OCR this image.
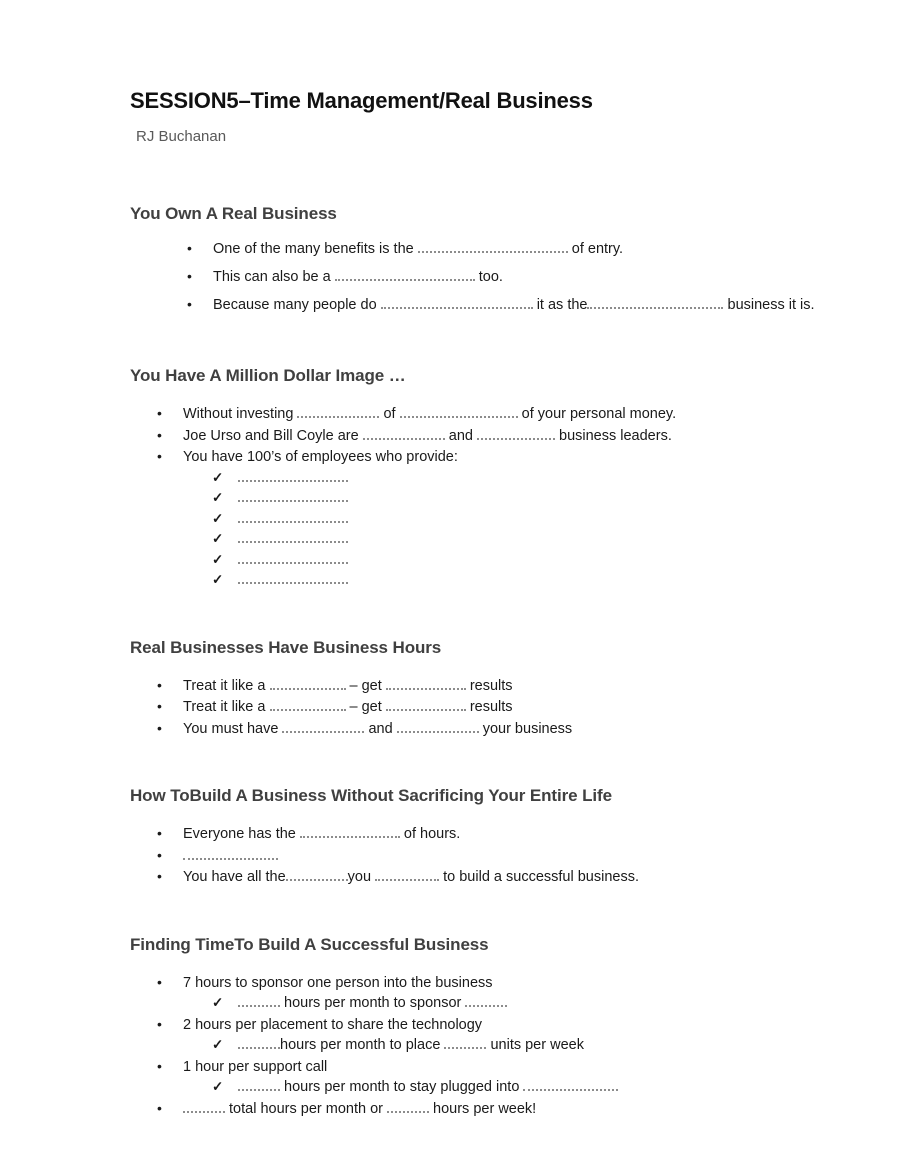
SESSION5–Time Management/Real Business
RJ Buchanan
You Own A Real Business
•	One of the many benefits is the	of entry.
•	This can also be a	too.
•	Because many people do	it as the	business it is.
You Have A Million Dollar Image …
•	Without investing	of	of your personal money.
•	Joe Urso and Bill Coyle are	and	business leaders.
•	You have 100’s of employees who provide:
✓
✓
✓
✓
✓
✓
Real Businesses Have Business Hours
•	Treat it like a	– get	results
•	Treat it like a	– get	results
•	You must have	and	your business
How ToBuild A Business Without Sacrificing Your Entire Life
•	Everyone has the	of hours.
•
•	You have all the	you	to build a successful business.
Finding TimeTo Build A Successful Business
•	7 hours to sponsor one person into the business
✓	hours per month to sponsor
•	2 hours per placement to share the technology
✓	hours per month to place	units per week
•	1 hour per support call
✓	hours per month to stay plugged into
•	total hours per month or	hours per week!
